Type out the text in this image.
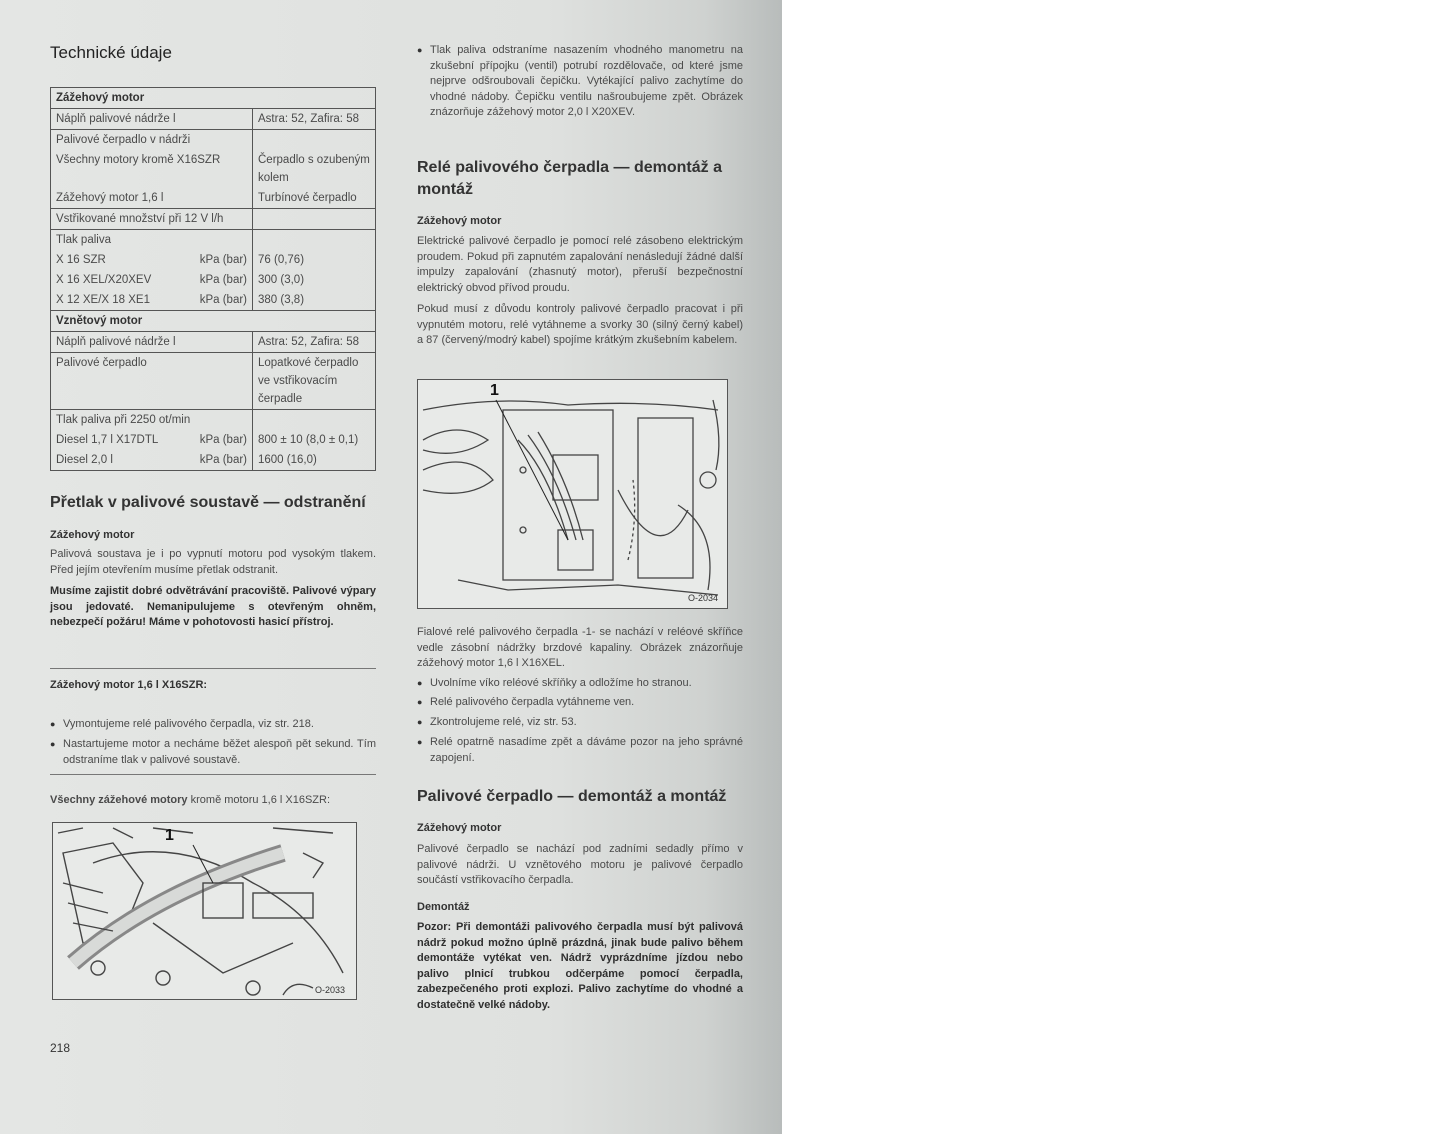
Technické údaje
Zážehový motor	
Náplň palivové nádrže l	Astra: 52, Zafira: 58
Palivové čerpadlo v nádrži	
Všechny motory kromě X16SZR	Čerpadlo s ozubeným kolem
Zážehový motor 1,6 l	Turbínové čerpadlo
Vstřikované množství při 12 V l/h	
Tlak paliva	
X 16 SZR kPa (bar)	76 (0,76)
X 16 XEL/X20XEV kPa (bar)	300 (3,0)
X 12 XE/X 18 XE1 kPa (bar)	380 (3,8)
Vznětový motor	
Náplň palivové nádrže l	Astra: 52, Zafira: 58
Palivové čerpadlo	Lopatkové čerpadlo ve vstřikovacím čerpadle
Tlak paliva při 2250 ot/min	
Diesel 1,7 l X17DTL kPa (bar)	800 ± 10 (8,0 ± 0,1)
Diesel 2,0 l kPa (bar)	1600 (16,0)
Přetlak v palivové soustavě — odstranění
Zážehový motor
Palivová soustava je i po vypnutí motoru pod vysokým tlakem. Před jejím otevřením musíme přetlak odstranit.
Musíme zajistit dobré odvětrávání pracoviště. Palivové výpary jsou jedovaté. Nemanipulujeme s otevřeným ohněm, nebezpečí požáru! Máme v pohotovosti hasicí přístroj.
Zážehový motor 1,6 l X16SZR:
● Vymontujeme relé palivového čerpadla, viz str. 218.
● Nastartujeme motor a necháme běžet alespoň pět sekund. Tím odstraníme tlak v palivové soustavě.
Všechny zážehové motory kromě motoru 1,6 l X16SZR:
1
O-2033
218
● Tlak paliva odstraníme nasazením vhodného manometru na zkušební přípojku (ventil) potrubí rozdělovače, od které jsme nejprve odšroubovali čepičku. Vytékající palivo zachytíme do vhodné nádoby. Čepičku ventilu našroubujeme zpět. Obrázek znázorňuje zážehový motor 2,0 l X20XEV.
Relé palivového čerpadla — demontáž a montáž
Zážehový motor
Elektrické palivové čerpadlo je pomocí relé zásobeno elektrickým proudem. Pokud při zapnutém zapalování nenásledují žádné další impulzy zapalování (zhasnutý motor), přeruší bezpečnostní elektrický obvod přívod proudu.
Pokud musí z důvodu kontroly palivové čerpadlo pracovat i při vypnutém motoru, relé vytáhneme a svorky 30 (silný černý kabel) a 87 (červený/modrý kabel) spojíme krátkým zkušebním kabelem.
1
O-2034
Fialové relé palivového čerpadla -1- se nachází v reléové skříňce vedle zásobní nádržky brzdové kapaliny. Obrázek znázorňuje zážehový motor 1,6 l X16XEL.
● Uvolníme víko reléové skříňky a odložíme ho stranou.
● Relé palivového čerpadla vytáhneme ven.
● Zkontrolujeme relé, viz str. 53.
● Relé opatrně nasadíme zpět a dáváme pozor na jeho správné zapojení.
Palivové čerpadlo — demontáž a montáž
Zážehový motor
Palivové čerpadlo se nachází pod zadními sedadly přímo v palivové nádrži. U vznětového motoru je palivové čerpadlo součástí vstřikovacího čerpadla.
Demontáž
Pozor: Při demontáži palivového čerpadla musí být palivová nádrž pokud možno úplně prázdná, jinak bude palivo během demontáže vytékat ven. Nádrž vyprázdníme jízdou nebo palivo plnicí trubkou odčerpáme pomocí čerpadla, zabezpečeného proti explozi. Palivo zachytíme do vhodné a dostatečně velké nádoby.
